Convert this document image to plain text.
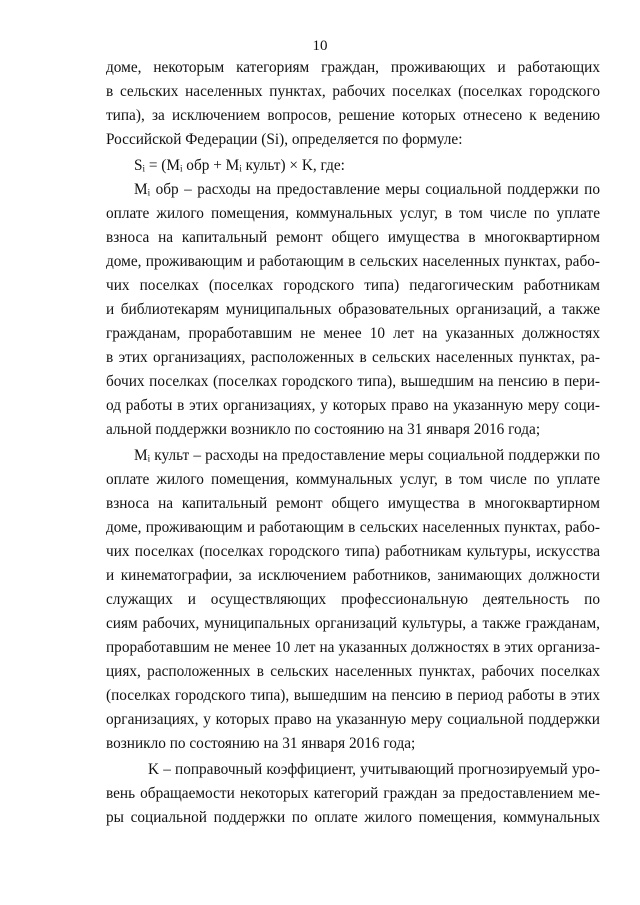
10
доме, некоторым категориям граждан, проживающих и работающих
в сельских населенных пунктах, рабочих поселках (поселках городского
типа), за исключением вопросов, решение которых отнесено к ведению
Российской Федерации (Si), определяется по формуле:
Sᵢ = (Mᵢ обр + Mᵢ культ) × K, где:
Mᵢ обр – расходы на предоставление меры социальной поддержки по
оплате жилого помещения, коммунальных услуг, в том числе по уплате
взноса на капитальный ремонт общего имущества в многоквартирном
доме, проживающим и работающим в сельских населенных пунктах, рабо-
чих поселках (поселках городского типа) педагогическим работникам
и библиотекарям муниципальных образовательных организаций, а также
гражданам, проработавшим не менее 10 лет на указанных должностях
в этих организациях, расположенных в сельских населенных пунктах, ра-
бочих поселках (поселках городского типа), вышедшим на пенсию в пери-
од работы в этих организациях, у которых право на указанную меру соци-
альной поддержки возникло по состоянию на 31 января 2016 года;
Mᵢ культ – расходы на предоставление меры социальной поддержки по
оплате жилого помещения, коммунальных услуг, в том числе по уплате
взноса на капитальный ремонт общего имущества в многоквартирном
доме, проживающим и работающим в сельских населенных пунктах, рабо-
чих поселках (поселках городского типа) работникам культуры, искусства
и кинематографии, за исключением работников, занимающих должности
служащих и осуществляющих профессиональную деятельность по
сиям рабочих, муниципальных организаций культуры, а также гражданам,
проработавшим не менее 10 лет на указанных должностях в этих организа-
циях, расположенных в сельских населенных пунктах, рабочих поселках
(поселках городского типа), вышедшим на пенсию в период работы в этих
организациях, у которых право на указанную меру социальной поддержки
возникло по состоянию на 31 января 2016 года;
K – поправочный коэффициент, учитывающий прогнозируемый уро-
вень обращаемости некоторых категорий граждан за предоставлением ме-
ры социальной поддержки по оплате жилого помещения, коммунальных
